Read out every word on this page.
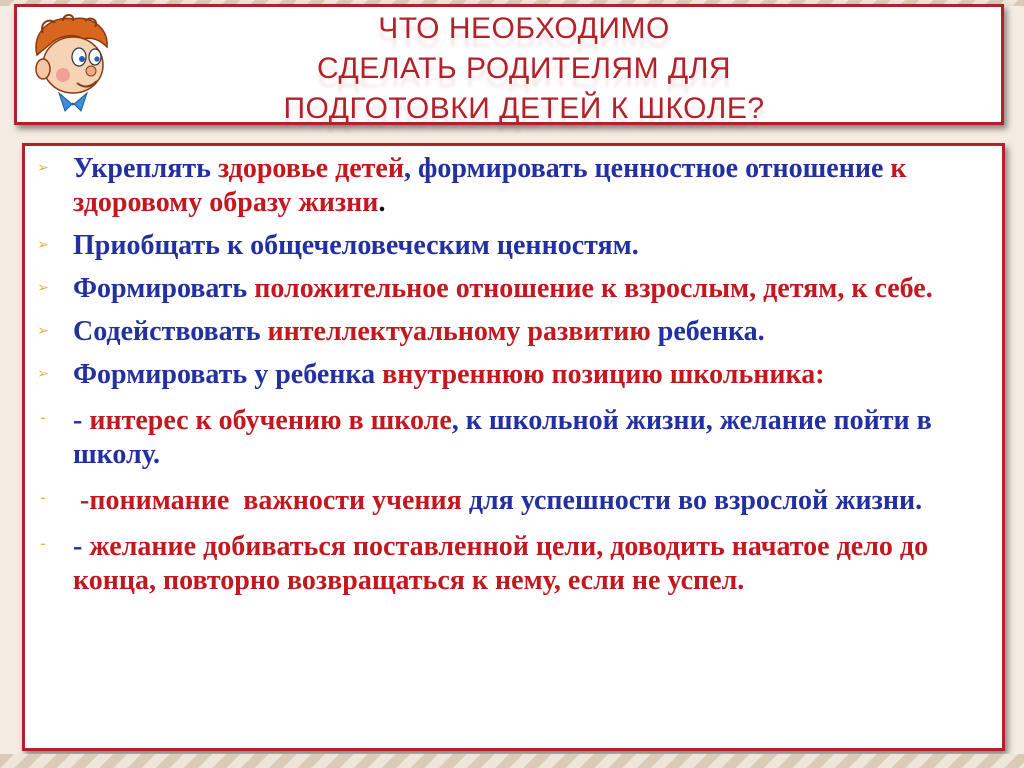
ЧТО НЕОБХОДИМО
СДЕЛАТЬ РОДИТЕЛЯМ ДЛЯ
ПОДГОТОВКИ ДЕТЕЙ К ШКОЛЕ?
➢ Укреплять здоровье детей, формировать ценностное отношение к здоровому образу жизни.
➢ Приобщать к общечеловеческим ценностям.
➢ Формировать положительное отношение к взрослым, детям, к себе.
➢ Содействовать интеллектуальному развитию ребенка.
➢ Формировать у ребенка внутреннюю позицию школьника:
- - интерес к обучению в школе, к школьной жизни, желание пойти в школу.
- -понимание  важности учения для успешности во взрослой жизни.
- - желание добиваться поставленной цели, доводить начатое дело до конца, повторно возвращаться к нему, если не успел.
